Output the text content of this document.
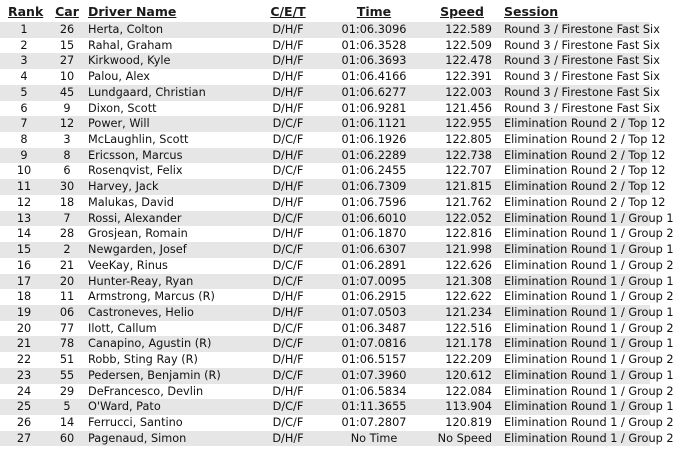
Rank	Car	Driver Name	C/E/T	Time	Speed	Session
1	26	Herta, Colton	D/H/F	01:06.3096	122.589	Round 3 / Firestone Fast Six
2	15	Rahal, Graham	D/H/F	01:06.3528	122.509	Round 3 / Firestone Fast Six
3	27	Kirkwood, Kyle	D/H/F	01:06.3693	122.478	Round 3 / Firestone Fast Six
4	10	Palou, Alex	D/H/F	01:06.4166	122.391	Round 3 / Firestone Fast Six
5	45	Lundgaard, Christian	D/H/F	01:06.6277	122.003	Round 3 / Firestone Fast Six
6	9	Dixon, Scott	D/H/F	01:06.9281	121.456	Round 3 / Firestone Fast Six
7	12	Power, Will	D/C/F	01:06.1121	122.955	Elimination Round 2 / Top 12
8	3	McLaughlin, Scott	D/C/F	01:06.1926	122.805	Elimination Round 2 / Top 12
9	8	Ericsson, Marcus	D/H/F	01:06.2289	122.738	Elimination Round 2 / Top 12
10	6	Rosenqvist, Felix	D/C/F	01:06.2455	122.707	Elimination Round 2 / Top 12
11	30	Harvey, Jack	D/H/F	01:06.7309	121.815	Elimination Round 2 / Top 12
12	18	Malukas, David	D/H/F	01:06.7596	121.762	Elimination Round 2 / Top 12
13	7	Rossi, Alexander	D/C/F	01:06.6010	122.052	Elimination Round 1 / Group 1
14	28	Grosjean, Romain	D/H/F	01:06.1870	122.816	Elimination Round 1 / Group 2
15	2	Newgarden, Josef	D/C/F	01:06.6307	121.998	Elimination Round 1 / Group 1
16	21	VeeKay, Rinus	D/C/F	01:06.2891	122.626	Elimination Round 1 / Group 2
17	20	Hunter-Reay, Ryan	D/C/F	01:07.0095	121.308	Elimination Round 1 / Group 1
18	11	Armstrong, Marcus (R)	D/H/F	01:06.2915	122.622	Elimination Round 1 / Group 2
19	06	Castroneves, Helio	D/H/F	01:07.0503	121.234	Elimination Round 1 / Group 1
20	77	Ilott, Callum	D/C/F	01:06.3487	122.516	Elimination Round 1 / Group 2
21	78	Canapino, Agustin (R)	D/C/F	01:07.0816	121.178	Elimination Round 1 / Group 1
22	51	Robb, Sting Ray (R)	D/H/F	01:06.5157	122.209	Elimination Round 1 / Group 2
23	55	Pedersen, Benjamin (R)	D/C/F	01:07.3960	120.612	Elimination Round 1 / Group 1
24	29	DeFrancesco, Devlin	D/H/F	01:06.5834	122.084	Elimination Round 1 / Group 2
25	5	O'Ward, Pato	D/C/F	01:11.3655	113.904	Elimination Round 1 / Group 1
26	14	Ferrucci, Santino	D/C/F	01:07.2807	120.819	Elimination Round 1 / Group 2
27	60	Pagenaud, Simon	D/H/F	No Time	No Speed	Elimination Round 1 / Group 2
